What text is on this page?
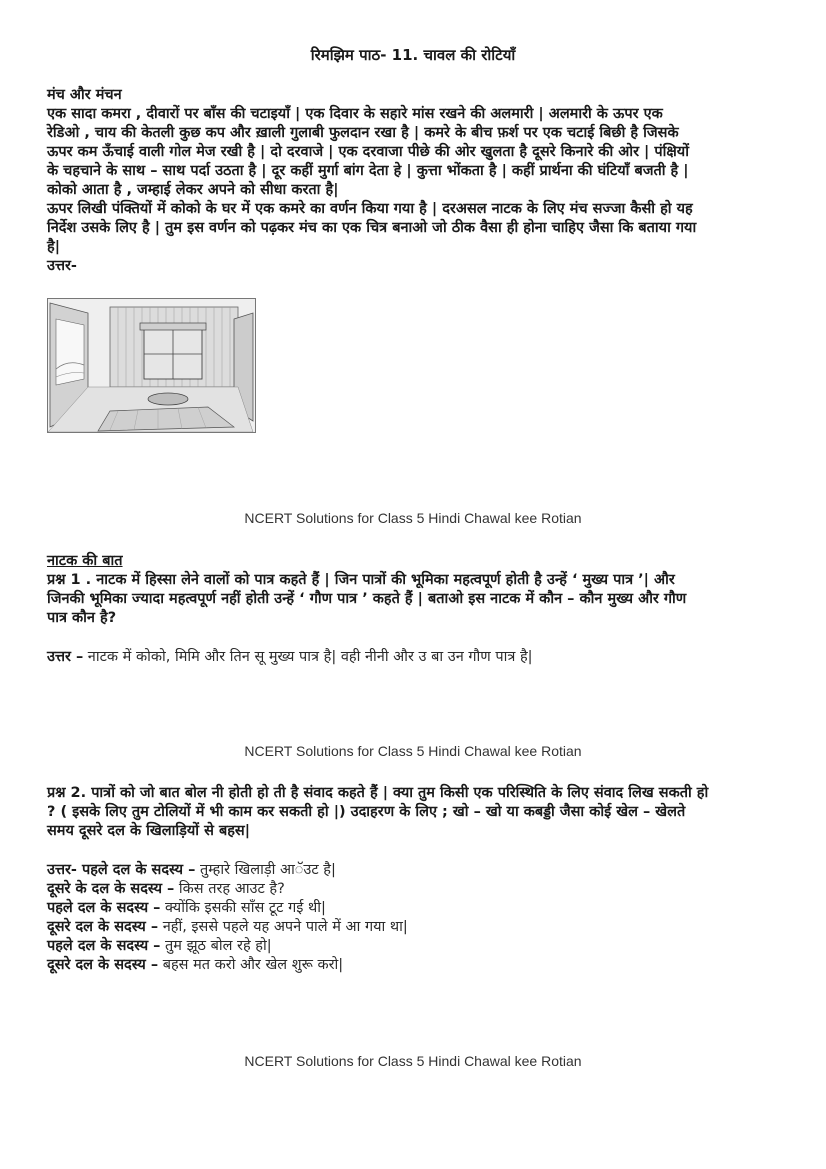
रिमझिम पाठ- 11. चावल की रोटियाँ
मंच और मंचन
एक सादा कमरा , दीवारों पर बाँस की चटाइयाँ | एक दिवार के सहारे मांस रखने की अलमारी | अलमारी के ऊपर एक
रेडिओ , चाय की केतली कुछ कप और ख़ाली गुलाबी फुलदान रखा है | कमरे के बीच फ़र्श पर एक चटाई बिछी है जिसके
ऊपर कम ऊँचाई वाली गोल मेज रखी है | दो दरवाजे | एक दरवाजा पीछे की ओर खुलता है दूसरे किनारे की ओर | पंक्षियों
के चहचाने के साथ – साथ पर्दा उठता है | दूर कहीं मुर्गा बांग देता हे | कुत्ता भोंकता है | कहीं प्रार्थना की घंटियाँ बजती है |
कोको आता है , जम्हाई लेकर अपने को सीधा करता है|
ऊपर लिखी पंक्तियों में कोको के घर में एक कमरे का वर्णन किया गया है | दरअसल नाटक के लिए मंच सज्जा कैसी हो यह
निर्देश उसके लिए है | तुम इस वर्णन को पढ़कर मंच का एक चित्र बनाओ जो ठीक वैसा ही होना चाहिए जैसा कि बताया गया
है|
उत्तर-
NCERT Solutions for Class 5 Hindi Chawal kee Rotian
नाटक की बात
प्रश्न 1 . नाटक में हिस्सा लेने वालों को पात्र कहते हैं | जिन पात्रों की भूमिका महत्वपूर्ण होती है उन्हें ‘ मुख्य पात्र ’| और
जिनकी भूमिका ज्यादा महत्वपूर्ण नहीं होती उन्हें ‘ गौण पात्र ’ कहते हैं | बताओ इस नाटक में कौन – कौन मुख्य और गौण
पात्र कौन है?
उत्तर – नाटक में कोको, मिमि और तिन सू मुख्य पात्र है| वही नीनी और उ बा उन गौण पात्र है|
NCERT Solutions for Class 5 Hindi Chawal kee Rotian
प्रश्न 2. पात्रों को जो बात बोल नी होती हो ती है संवाद कहते हैं | क्या तुम किसी एक परिस्थिति के लिए संवाद लिख सकती हो
? ( इसके लिए तुम टोलियों में भी काम कर सकती हो |) उदाहरण के लिए ; खो – खो या कबड्डी जैसा कोई खेल – खेलते
समय दूसरे दल के खिलाड़ियों से बहस|
उत्तर- पहले दल के सदस्य – तुम्हारे खिलाड़ी आॅउट है|
दूसरे के दल के सदस्य – किस तरह आउट है?
पहले दल के सदस्य – क्योंकि इसकी साँस टूट गई थी|
दूसरे दल के सदस्य – नहीं, इससे पहले यह अपने पाले में आ गया था|
पहले दल के सदस्य – तुम झूठ बोल रहे हो|
दूसरे दल के सदस्य – बहस मत करो और खेल शुरू करो|
NCERT Solutions for Class 5 Hindi Chawal kee Rotian
